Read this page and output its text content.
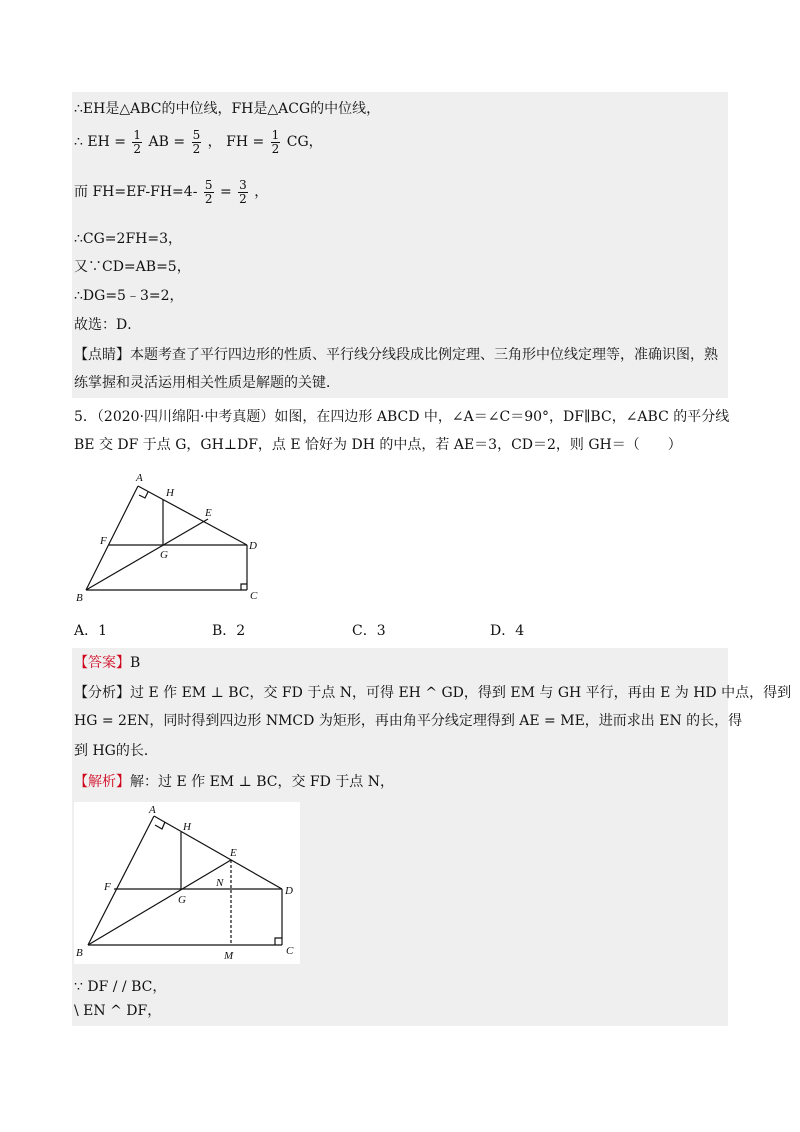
∴EH是△ABC的中位线，FH是△ACG的中位线，
∴ EH = $\frac{1}{2}$ AB = $\frac{5}{2}$ ， FH = $\frac{1}{2}$ CG，
而 $FH=EF-FH=4- \frac{5}{2} = \frac{3}{2}$ ，
∴CG=2FH=3，
又∵CD=AB=5，
∴DG=5﹣3=2，
故选：D．
【点睛】本题考查了平行四边形的性质、平行线分线段成比例定理、三角形中位线定理等，准确识图，熟
练掌握和灵活运用相关性质是解题的关键．
5．（2020·四川绵阳·中考真题）如图，在四边形 ABCD 中，∠A＝∠C＝90°，DF∥BC，∠ABC 的平分线
BE 交 DF 于点 G，GH⊥DF，点 E 恰好为 DH 的中点，若 AE＝3，CD＝2，则 GH＝（　　）
A
H
E
F
G
D
B	C
A．1	B．2	C．3	D．4
【答案】B
【分析】过 E 作 EM ⊥ BC，交 FD 于点 N，可得 EH ^ GD，得到 EM 与 GH 平行，再由 E 为 HD 中点，得到
HG = 2EN，同时得到四边形 NMCD 为矩形，再由角平分线定理得到 AE = ME，进而求出 EN 的长，得
到 HG的长．
【解析】解：过 E 作 EM ⊥ BC，交 FD 于点 N，
A
H
E
F	N
G
D
B	M	C
∵ DF / / BC，
\ EN ^ DF，
